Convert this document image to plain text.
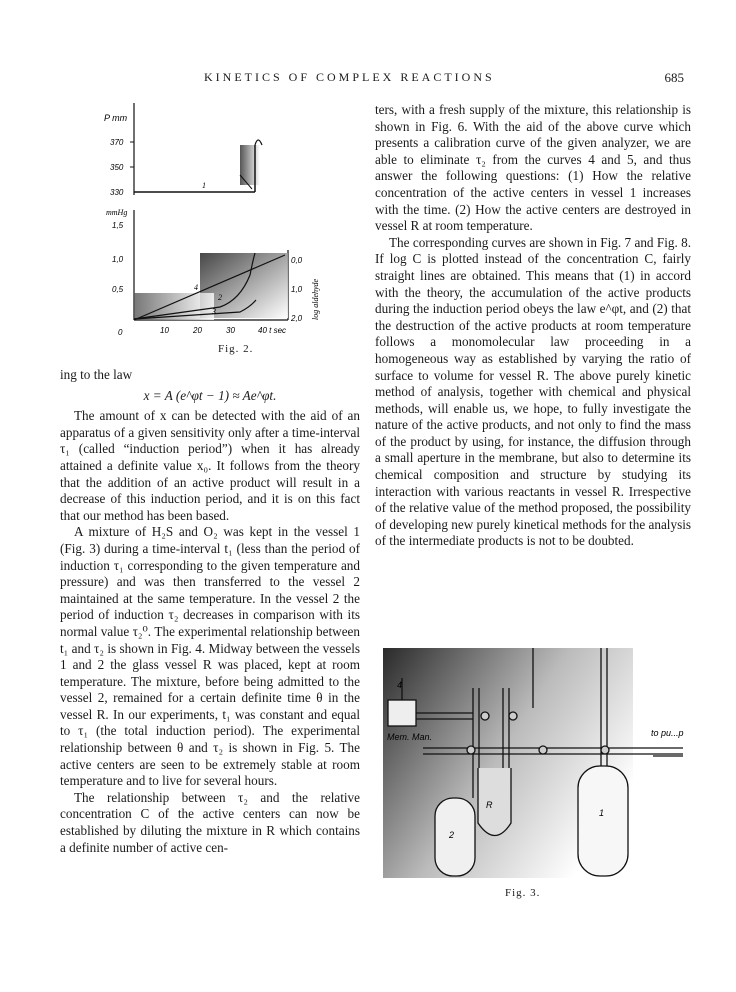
KINETICS OF COMPLEX REACTIONS	685
P mm
370
350
330
1
mmHg
1,5
1,0
0,5
0
4
2
3
10	20	30	40 t sec
0,0
1,0
2,0 log aldehyde
Fig. 2.

ing to the law

x = A (e^φt − 1) ≈ Ae^φt.

The amount of x can be detected with the aid of an apparatus of a given sensitivity only after a time-interval τ₁ (called “induction period”) when it has already attained a definite value x₀. It follows from the theory that the addition of an active product will result in a decrease of this induction period, and it is on this fact that our method has been based.

A mixture of H₂S and O₂ was kept in the vessel 1 (Fig. 3) during a time-interval t₁ (less than the period of induction τ₁ corresponding to the given temperature and pressure) and was then transferred to the vessel 2 maintained at the same temperature. In the vessel 2 the period of induction τ₂ decreases in comparison with its normal value τ₂⁰. The experimental relationship between t₁ and τ₂ is shown in Fig. 4. Midway between the vessels 1 and 2 the glass vessel R was placed, kept at room temperature. The mixture, before being admitted to the vessel 2, remained for a certain definite time θ in the vessel R. In our experiments, t₁ was constant and equal to τ₁ (the total induction period). The experimental relationship between θ and τ₂ is shown in Fig. 5. The active centers are seen to be extremely stable at room temperature and to live for several hours.

The relationship between τ₂ and the relative concentration C of the active centers can now be established by diluting the mixture in R which contains a definite number of active cen-

ters, with a fresh supply of the mixture, this relationship is shown in Fig. 6. With the aid of the above curve which presents a calibration curve of the given analyzer, we are able to eliminate τ₂ from the curves 4 and 5, and thus answer the following questions: (1) How the relative concentration of the active centers in vessel 1 increases with the time. (2) How the active centers are destroyed in vessel R at room temperature.

The corresponding curves are shown in Fig. 7 and Fig. 8. If log C is plotted instead of the concentration C, fairly straight lines are obtained. This means that (1) in accord with the theory, the accumulation of the active products during the induction period obeys the law e^φt, and (2) that the destruction of the active products at room temperature follows a monomolecular law proceeding in a homogeneous way as established by varying the ratio of surface to volume for vessel R. The above purely kinetic method of analysis, together with chemical and physical methods, will enable us, we hope, to fully investigate the nature of the active products, and not only to find the mass of the product by using, for instance, the diffusion through a small aperture in the membrane, but also to determine its chemical composition and structure by studying its interaction with various reactants in vessel R. Irrespective of the relative value of the method proposed, the possibility of developing new purely kinetical methods for the analysis of the intermediate products is not to be doubted.

4
Mem. Man.	to pu...p
R
1
2
Fig. 3.
